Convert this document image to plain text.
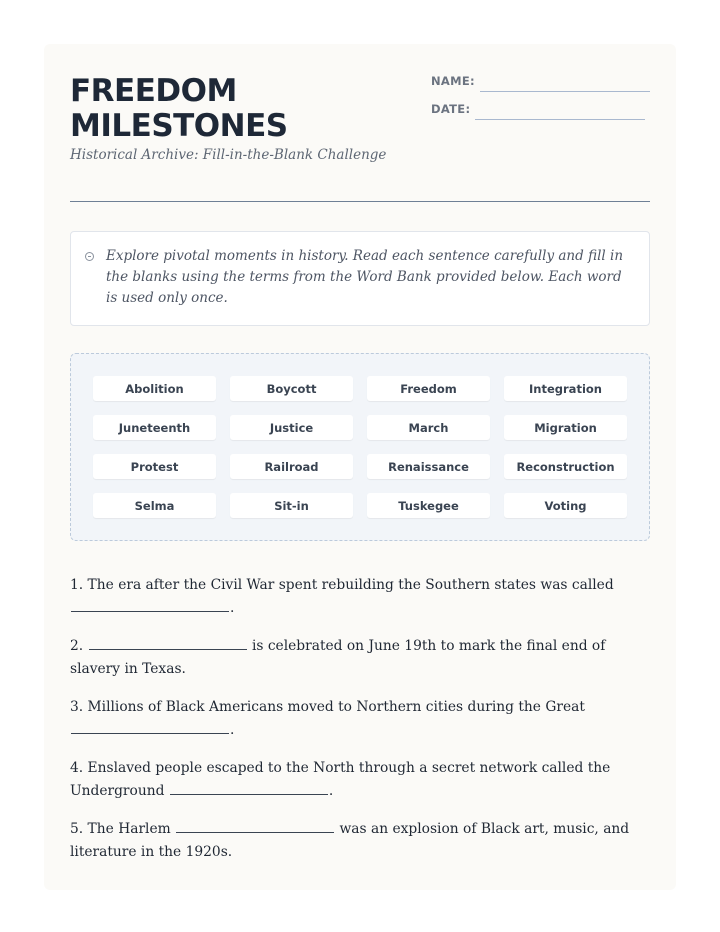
FREEDOM MILESTONES
Historical Archive: Fill-in-the-Blank Challenge
NAME:
DATE:

Explore pivotal moments in history. Read each sentence carefully and fill in the blanks using the terms from the Word Bank provided below. Each word is used only once.

Abolition	Boycott	Freedom	Integration
Juneteenth	Justice	March	Migration
Protest	Railroad	Renaissance	Reconstruction
Selma	Sit-in	Tuskegee	Voting

1. The era after the Civil War spent rebuilding the Southern states was called .

2.	is celebrated on June 19th to mark the final end of slavery in Texas.

3. Millions of Black Americans moved to Northern cities during the Great .

4. Enslaved people escaped to the North through a secret network called the Underground	.

5. The Harlem	was an explosion of Black art, music, and literature in the 1920s.
